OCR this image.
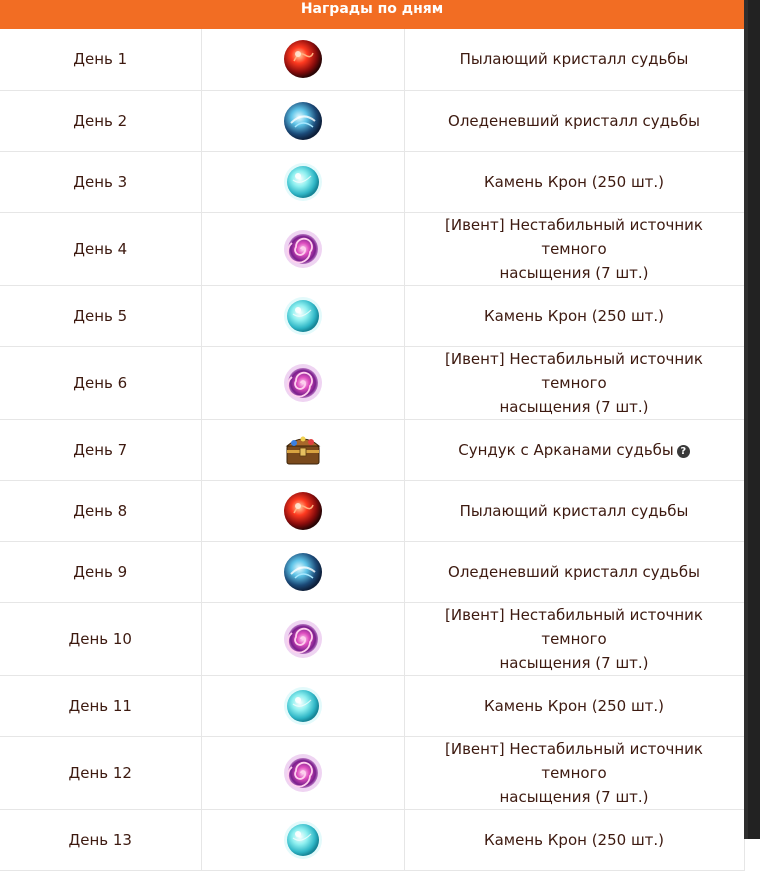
Награды по дням		
День 1		Пылающий кристалл судьбы
День 2		Оледеневший кристалл судьбы
День 3		Камень Крон (250 шт.)
День 4		[Ивент] Нестабильный источник темного
насыщения (7 шт.)
День 5		Камень Крон (250 шт.)
День 6		[Ивент] Нестабильный источник темного
насыщения (7 шт.)
День 7		Сундук с Арканами судьбы ?
День 8		Пылающий кристалл судьбы
День 9		Оледеневший кристалл судьбы
День 10		[Ивент] Нестабильный источник темного
насыщения (7 шт.)
День 11		Камень Крон (250 шт.)
День 12		[Ивент] Нестабильный источник темного
насыщения (7 шт.)
День 13		Камень Крон (250 шт.)
